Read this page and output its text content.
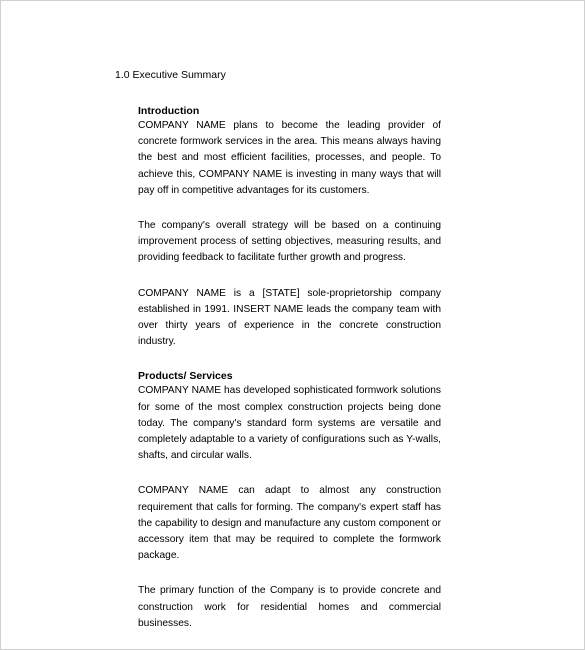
1.0 Executive Summary

Introduction

COMPANY NAME plans to become the leading provider of concrete formwork services in the area. This means always having the best and most efficient facilities, processes, and people. To achieve this, COMPANY NAME is investing in many ways that will pay off in competitive advantages for its customers.

The company's overall strategy will be based on a continuing improvement process of setting objectives, measuring results, and providing feedback to facilitate further growth and progress.

COMPANY NAME is a [STATE] sole-proprietorship company established in 1991. INSERT NAME leads the company team with over thirty years of experience in the concrete construction industry.

Products/ Services

COMPANY NAME has developed sophisticated formwork solutions for some of the most complex construction projects being done today. The company's standard form systems are versatile and completely adaptable to a variety of configurations such as Y-walls, shafts, and circular walls.

COMPANY NAME can adapt to almost any construction requirement that calls for forming. The company's expert staff has the capability to design and manufacture any custom component or accessory item that may be required to complete the formwork package.

The primary function of the Company is to provide concrete and construction work for residential homes and commercial businesses.
